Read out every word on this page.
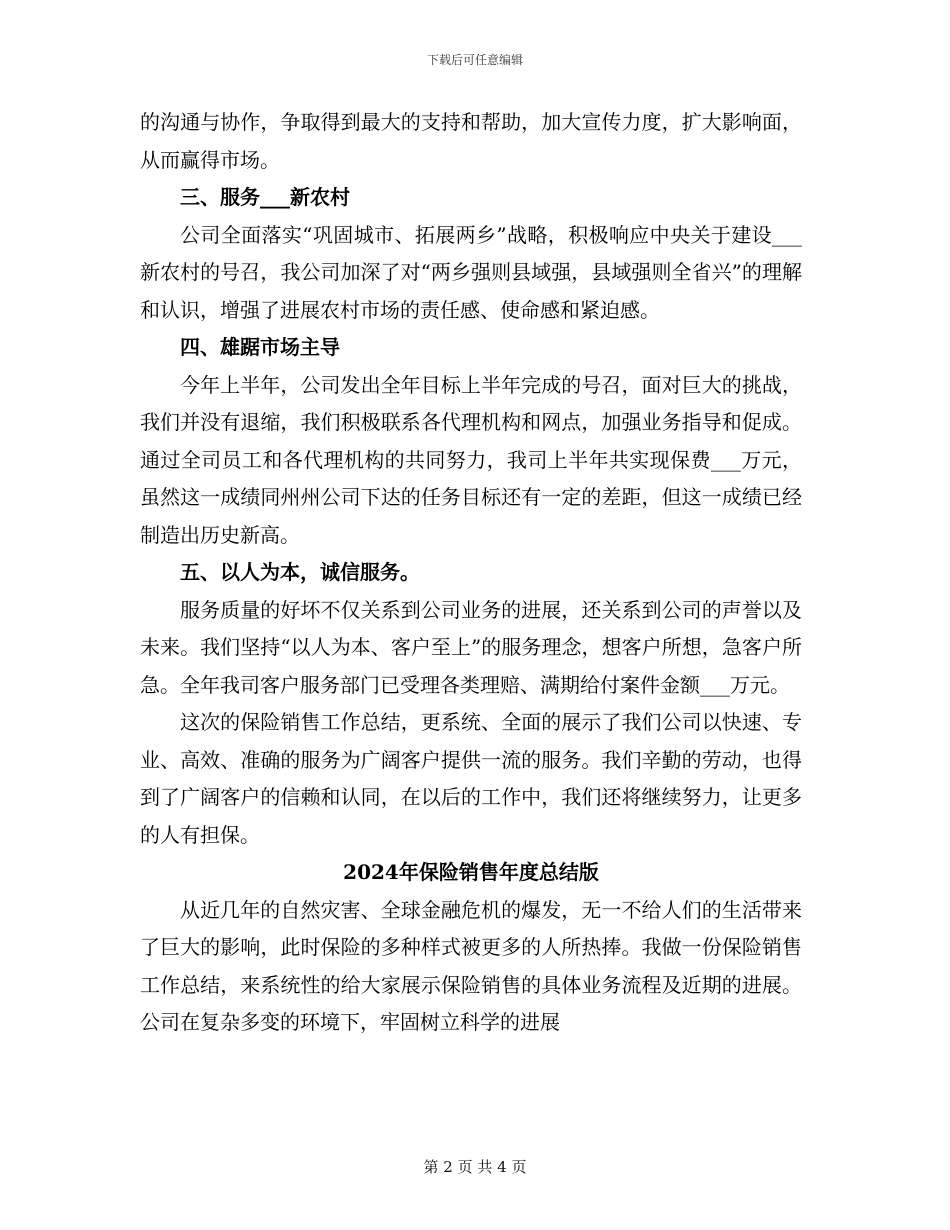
下载后可任意编辑

的沟通与协作，争取得到最大的支持和帮助，加大宣传力度，扩大影响面，从而赢得市场。

三、服务___新农村

公司全面落实“巩固城市、拓展两乡”战略，积极响应中央关于建设___新农村的号召，我公司加深了对“两乡强则县域强，县域强则全省兴”的理解和认识，增强了进展农村市场的责任感、使命感和紧迫感。

四、雄踞市场主导

今年上半年，公司发出全年目标上半年完成的号召，面对巨大的挑战，我们并没有退缩，我们积极联系各代理机构和网点，加强业务指导和促成。通过全司员工和各代理机构的共同努力，我司上半年共实现保费___万元，虽然这一成绩同州州公司下达的任务目标还有一定的差距，但这一成绩已经制造出历史新高。

五、以人为本，诚信服务。

服务质量的好坏不仅关系到公司业务的进展，还关系到公司的声誉以及未来。我们坚持“以人为本、客户至上”的服务理念，想客户所想，急客户所急。全年我司客户服务部门已受理各类理赔、满期给付案件金额___万元。

这次的保险销售工作总结，更系统、全面的展示了我们公司以快速、专业、高效、准确的服务为广阔客户提供一流的服务。我们辛勤的劳动，也得到了广阔客户的信赖和认同，在以后的工作中，我们还将继续努力，让更多的人有担保。

2024年保险销售年度总结版

从近几年的自然灾害、全球金融危机的爆发，无一不给人们的生活带来了巨大的影响，此时保险的多种样式被更多的人所热捧。我做一份保险销售工作总结，来系统性的给大家展示保险销售的具体业务流程及近期的进展。公司在复杂多变的环境下，牢固树立科学的进展

第 2 页 共 4 页
